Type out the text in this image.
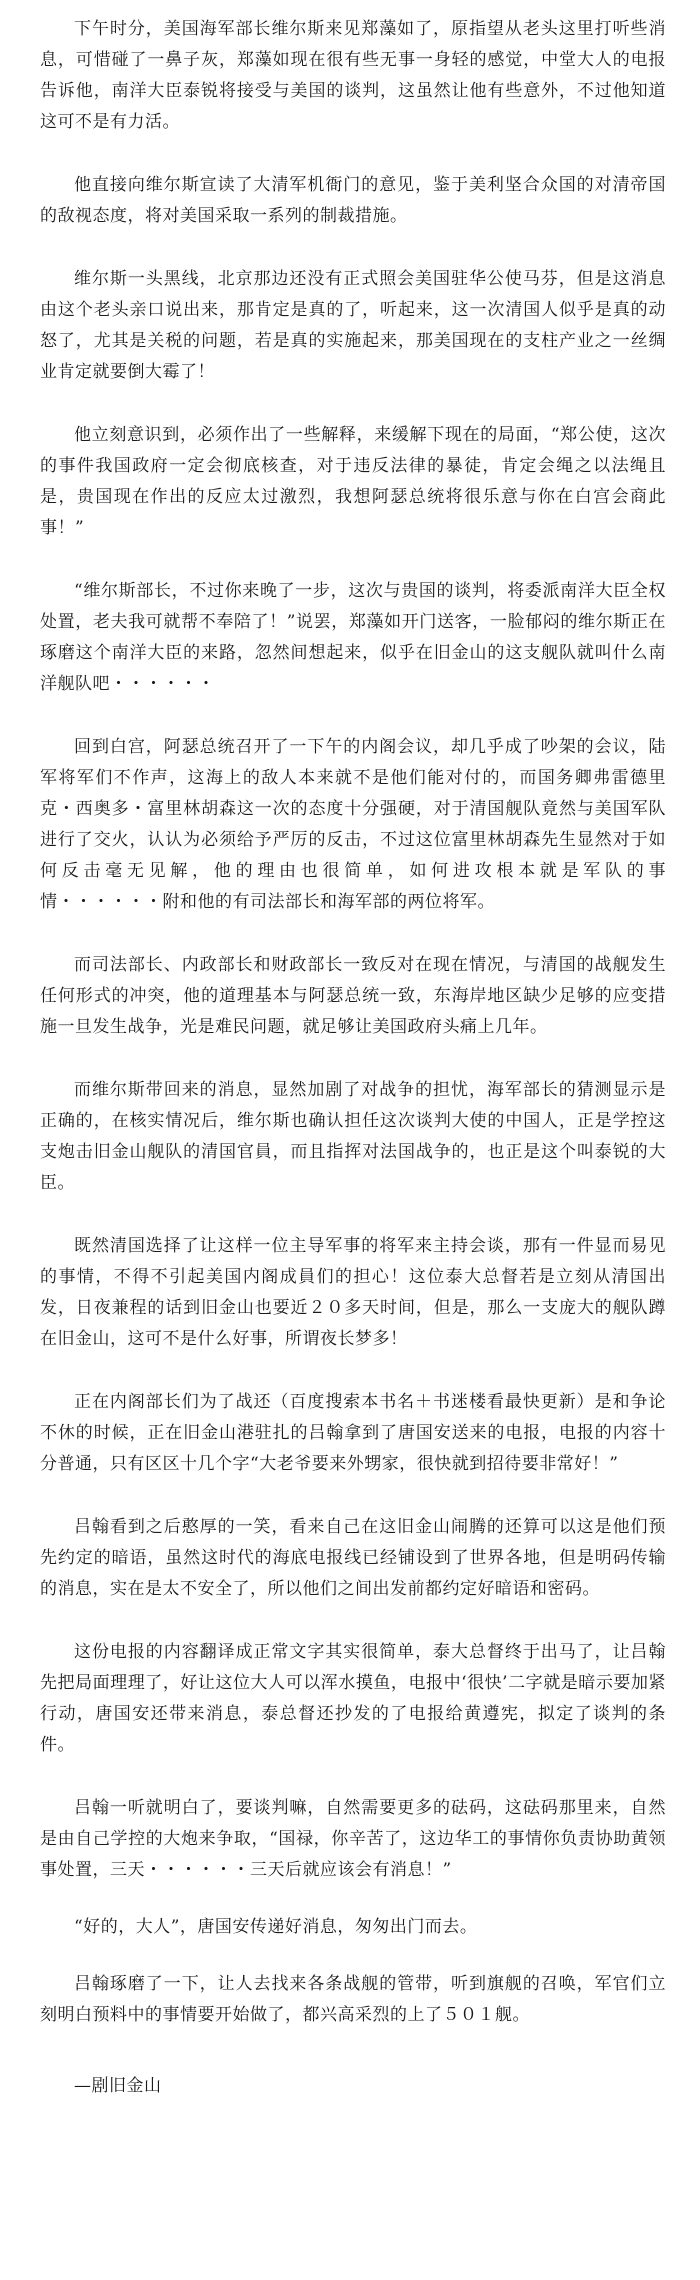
下午时分，美国海军部长维尔斯来见郑藻如了，原指望从老头这里打听些消息，可惜碰了一鼻子灰，郑藻如现在很有些无事一身轻的感觉，中堂大人的电报告诉他，南洋大臣泰锐将接受与美国的谈判，这虽然让他有些意外，不过他知道这可不是有力活。

他直接向维尔斯宣读了大清军机衙门的意见，鉴于美利坚合众国的对清帝国的敌视态度，将对美国采取一系列的制裁措施。

维尔斯一头黑线，北京那边还没有正式照会美国驻华公使马芬，但是这消息由这个老头亲口说出来，那肯定是真的了，听起来，这一次清国人似乎是真的动怒了，尤其是关税的问题，若是真的实施起来，那美国现在的支柱产业之一丝绸业肯定就要倒大霉了！

他立刻意识到，必须作出了一些解释，来缓解下现在的局面，“郑公使，这次的事件我国政府一定会彻底核查，对于违反法律的暴徒，肯定会绳之以法绳且是，贵国现在作出的反应太过激烈，我想阿瑟总统将很乐意与你在白宫会商此事！”

“维尔斯部长，不过你来晚了一步，这次与贵国的谈判，将委派南洋大臣全权处置，老夫我可就帮不奉陪了！”说罢，郑藻如开门送客，一脸郁闷的维尔斯正在琢磨这个南洋大臣的来路，忽然间想起来，似乎在旧金山的这支舰队就叫什么南洋舰队吧・・・・・・

回到白宫，阿瑟总统召开了一下午的内阁会议，却几乎成了吵架的会议，陆军将军们不作声，这海上的敌人本来就不是他们能对付的，而国务卿弗雷德里克・西奥多・富里林胡森这一次的态度十分强硬，对于清国舰队竟然与美国军队进行了交火，认认为必须给予严厉的反击，不过这位富里林胡森先生显然对于如何反击毫无见解，他的理由也很简单，如何进攻根本就是军队的事情・・・・・・附和他的有司法部长和海军部的两位将军。

而司法部长、内政部长和财政部长一致反对在现在情况，与清国的战舰发生任何形式的冲突，他的道理基本与阿瑟总统一致，东海岸地区缺少足够的应变措施一旦发生战争，光是难民问题，就足够让美国政府头痛上几年。

而维尔斯带回来的消息，显然加剧了对战争的担忧，海军部长的猜测显示是正确的，在核实情况后，维尔斯也确认担任这次谈判大使的中国人，正是学控这支炮击旧金山舰队的清国官員，而且指挥对法国战争的，也正是这个叫泰锐的大臣。

既然清国选择了让这样一位主导军事的将军来主持会谈，那有一件显而易见的事情，不得不引起美国内阁成員们的担心！这位泰大总督若是立刻从清国出发，日夜兼程的话到旧金山也要近２０多天时间，但是，那么一支庞大的舰队蹲在旧金山，这可不是什么好事，所谓夜长梦多！

正在内阁部长们为了战还（百度搜索本书名＋书迷楼看最快更新）是和争论不休的时候，正在旧金山港驻扎的吕翰拿到了唐国安送来的电报，电报的内容十分普通，只有区区十几个字“大老爷要来外甥家，很快就到招待要非常好！”

吕翰看到之后憨厚的一笑，看来自己在这旧金山闹腾的还算可以这是他们预先约定的暗语，虽然这时代的海底电报线已经铺设到了世界各地，但是明码传输的消息，实在是太不安全了，所以他们之间出发前都约定好暗语和密码。

这份电报的内容翻译成正常文字其实很简单，泰大总督终于出马了，让吕翰先把局面理理了，好让这位大人可以浑水摸鱼，电报中‘很快’二字就是暗示要加紧行动，唐国安还带来消息，泰总督还抄发的了电报给黄遵宪，拟定了谈判的条件。

吕翰一听就明白了，要谈判嘛，自然需要更多的砝码，这砝码那里来，自然是由自己学控的大炮来争取，“国禄，你辛苦了，这边华工的事情你负责协助黄领事处置，三天・・・・・・三天后就应该会有消息！”

“好的，大人”，唐国安传递好消息，匆匆出门而去。

吕翰琢磨了一下，让人去找来各条战舰的管带，听到旗舰的召唤，军官们立刻明白预料中的事情要开始做了，都兴高采烈的上了５０１舰。

—剧旧金山
